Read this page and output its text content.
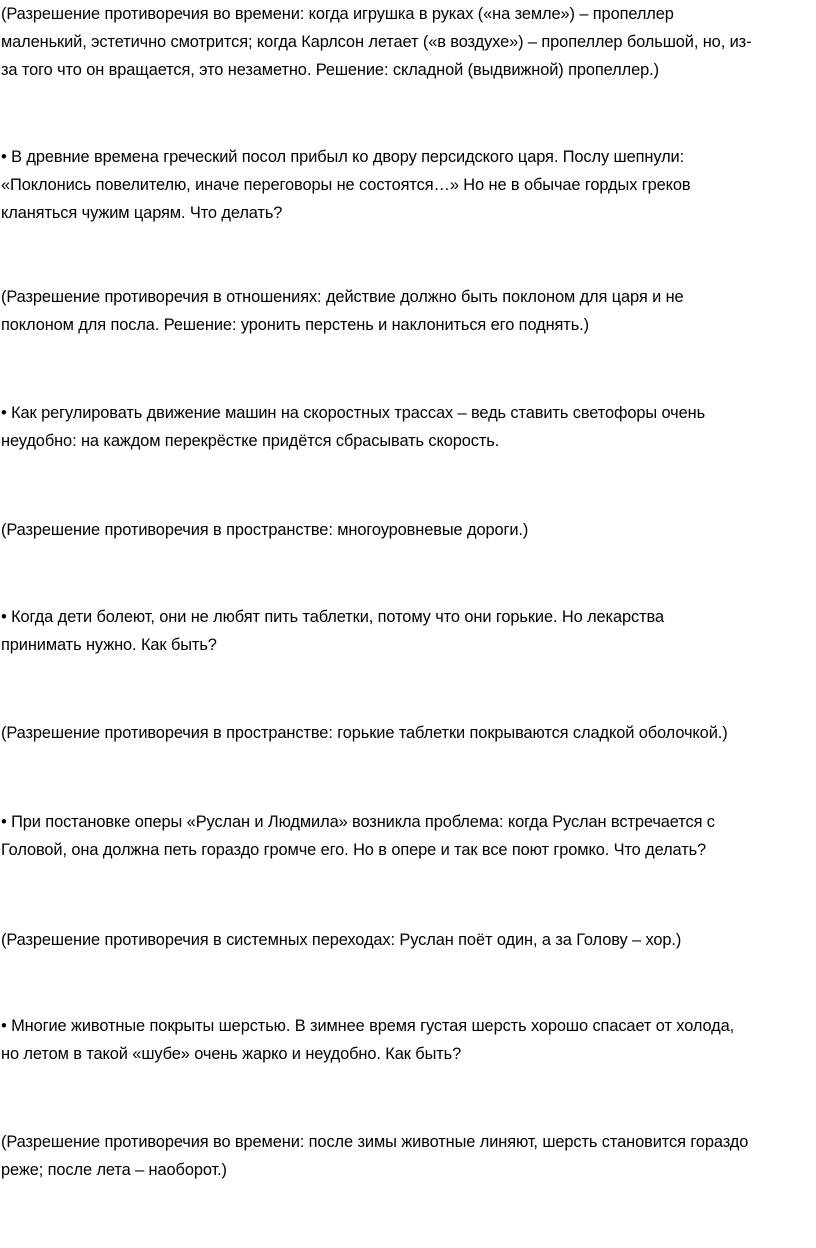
(Разрешение противоречия во времени: когда игрушка в руках («на земле») – пропеллер
маленький, эстетично смотрится; когда Карлсон летает («в воздухе») – пропеллер большой, но, из-
за того что он вращается, это незаметно. Решение: складной (выдвижной) пропеллер.)

• В древние времена греческий посол прибыл ко двору персидского царя. Послу шепнули:
«Поклонись повелителю, иначе переговоры не состоятся…» Но не в обычае гордых греков
кланяться чужим царям. Что делать?

(Разрешение противоречия в отношениях: действие должно быть поклоном для царя и не
поклоном для посла. Решение: уронить перстень и наклониться его поднять.)

• Как регулировать движение машин на скоростных трассах – ведь ставить светофоры очень
неудобно: на каждом перекрёстке придётся сбрасывать скорость.

(Разрешение противоречия в пространстве: многоуровневые дороги.)

• Когда дети болеют, они не любят пить таблетки, потому что они горькие. Но лекарства
принимать нужно. Как быть?

(Разрешение противоречия в пространстве: горькие таблетки покрываются сладкой оболочкой.)

• При постановке оперы «Руслан и Людмила» возникла проблема: когда Руслан встречается с
Головой, она должна петь гораздо громче его. Но в опере и так все поют громко. Что делать?

(Разрешение противоречия в системных переходах: Руслан поёт один, а за Голову – хор.)

• Многие животные покрыты шерстью. В зимнее время густая шерсть хорошо спасает от холода,
но летом в такой «шубе» очень жарко и неудобно. Как быть?

(Разрешение противоречия во времени: после зимы животные линяют, шерсть становится гораздо
реже; после лета – наоборот.)
